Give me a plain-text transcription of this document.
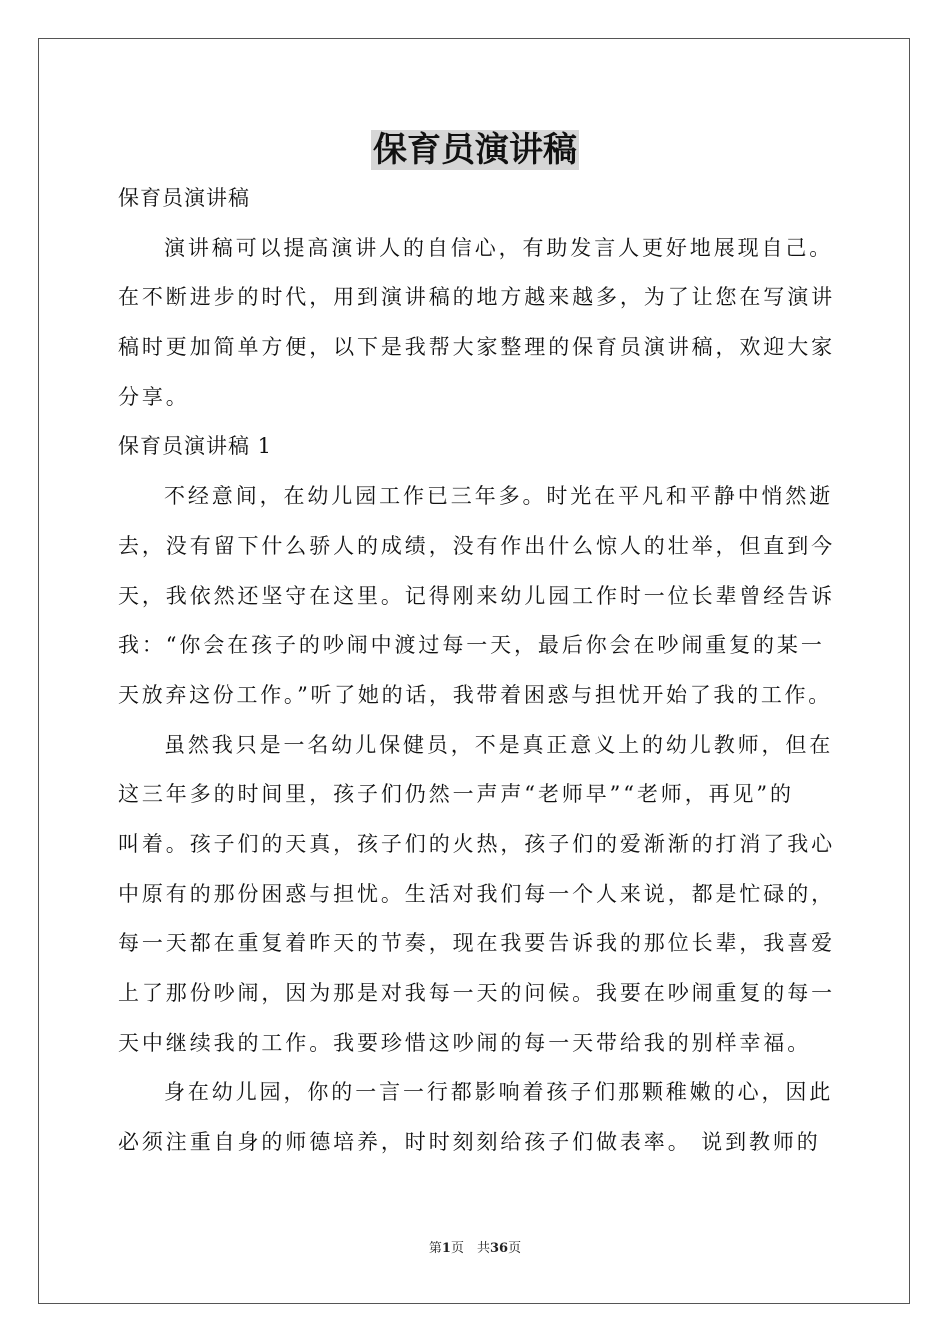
保育员演讲稿
保育员演讲稿
演讲稿可以提高演讲人的自信心，有助发言人更好地展现自己。
在不断进步的时代，用到演讲稿的地方越来越多，为了让您在写演讲
稿时更加简单方便，以下是我帮大家整理的保育员演讲稿，欢迎大家
分享。
保育员演讲稿 1
不经意间，在幼儿园工作已三年多。时光在平凡和平静中悄然逝
去，没有留下什么骄人的成绩，没有作出什么惊人的壮举，但直到今
天，我依然还坚守在这里。记得刚来幼儿园工作时一位长辈曾经告诉
我：“你会在孩子的吵闹中渡过每一天，最后你会在吵闹重复的某一
天放弃这份工作。”听了她的话，我带着困惑与担忧开始了我的工作。
虽然我只是一名幼儿保健员，不是真正意义上的幼儿教师，但在
这三年多的时间里，孩子们仍然一声声“老师早”“老师，再见”的
叫着。孩子们的天真，孩子们的火热，孩子们的爱渐渐的打消了我心
中原有的那份困惑与担忧。生活对我们每一个人来说，都是忙碌的，
每一天都在重复着昨天的节奏，现在我要告诉我的那位长辈，我喜爱
上了那份吵闹，因为那是对我每一天的问候。我要在吵闹重复的每一
天中继续我的工作。我要珍惜这吵闹的每一天带给我的别样幸福。
身在幼儿园，你的一言一行都影响着孩子们那颗稚嫩的心，因此
必须注重自身的师德培养，时时刻刻给孩子们做表率。 说到教师的
第1页　共36页
